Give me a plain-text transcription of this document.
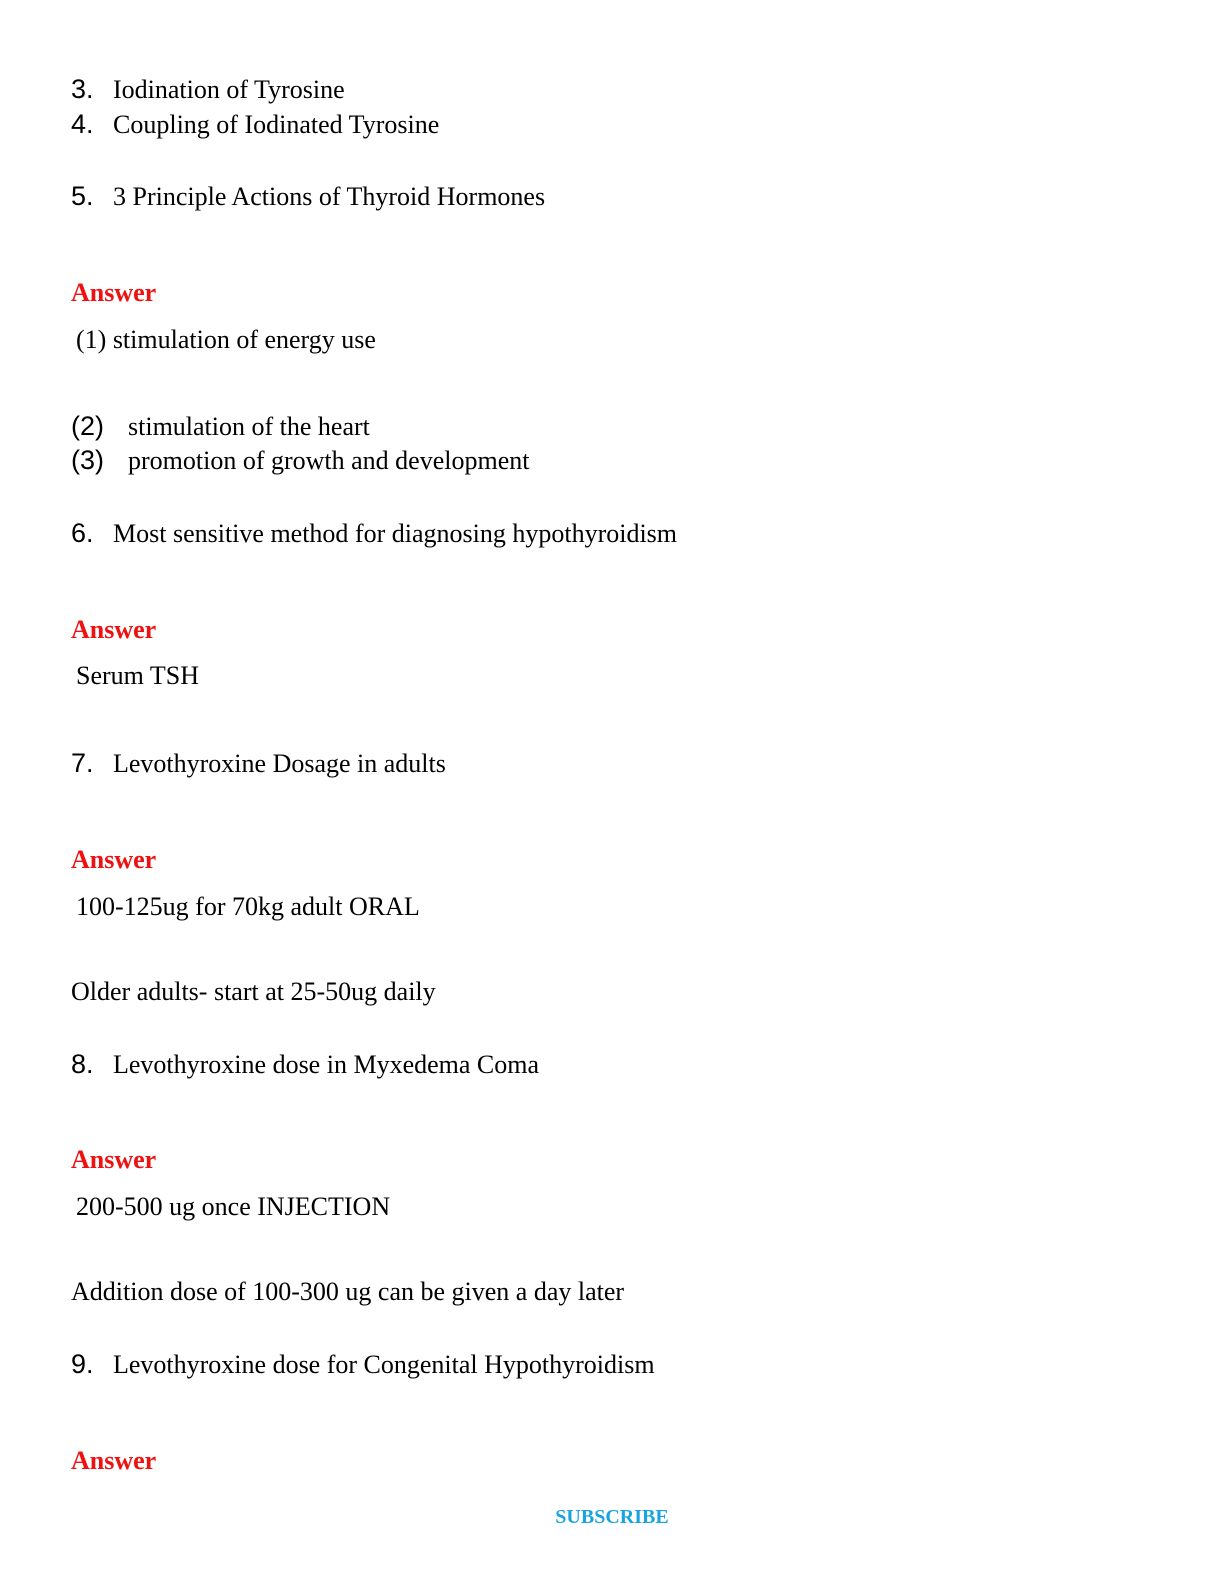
3. Iodination of Tyrosine
4. Coupling of Iodinated Tyrosine
5. 3 Principle Actions of Thyroid Hormones
Answer
(1) stimulation of energy use
(2) stimulation of the heart
(3) promotion of growth and development
6. Most sensitive method for diagnosing hypothyroidism
Answer
Serum TSH
7. Levothyroxine Dosage in adults
Answer
100-125ug for 70kg adult ORAL
Older adults- start at 25-50ug daily
8. Levothyroxine dose in Myxedema Coma
Answer
200-500 ug once INJECTION
Addition dose of 100-300 ug can be given a day later
9. Levothyroxine dose for Congenital Hypothyroidism
Answer
SUBSCRIBE
